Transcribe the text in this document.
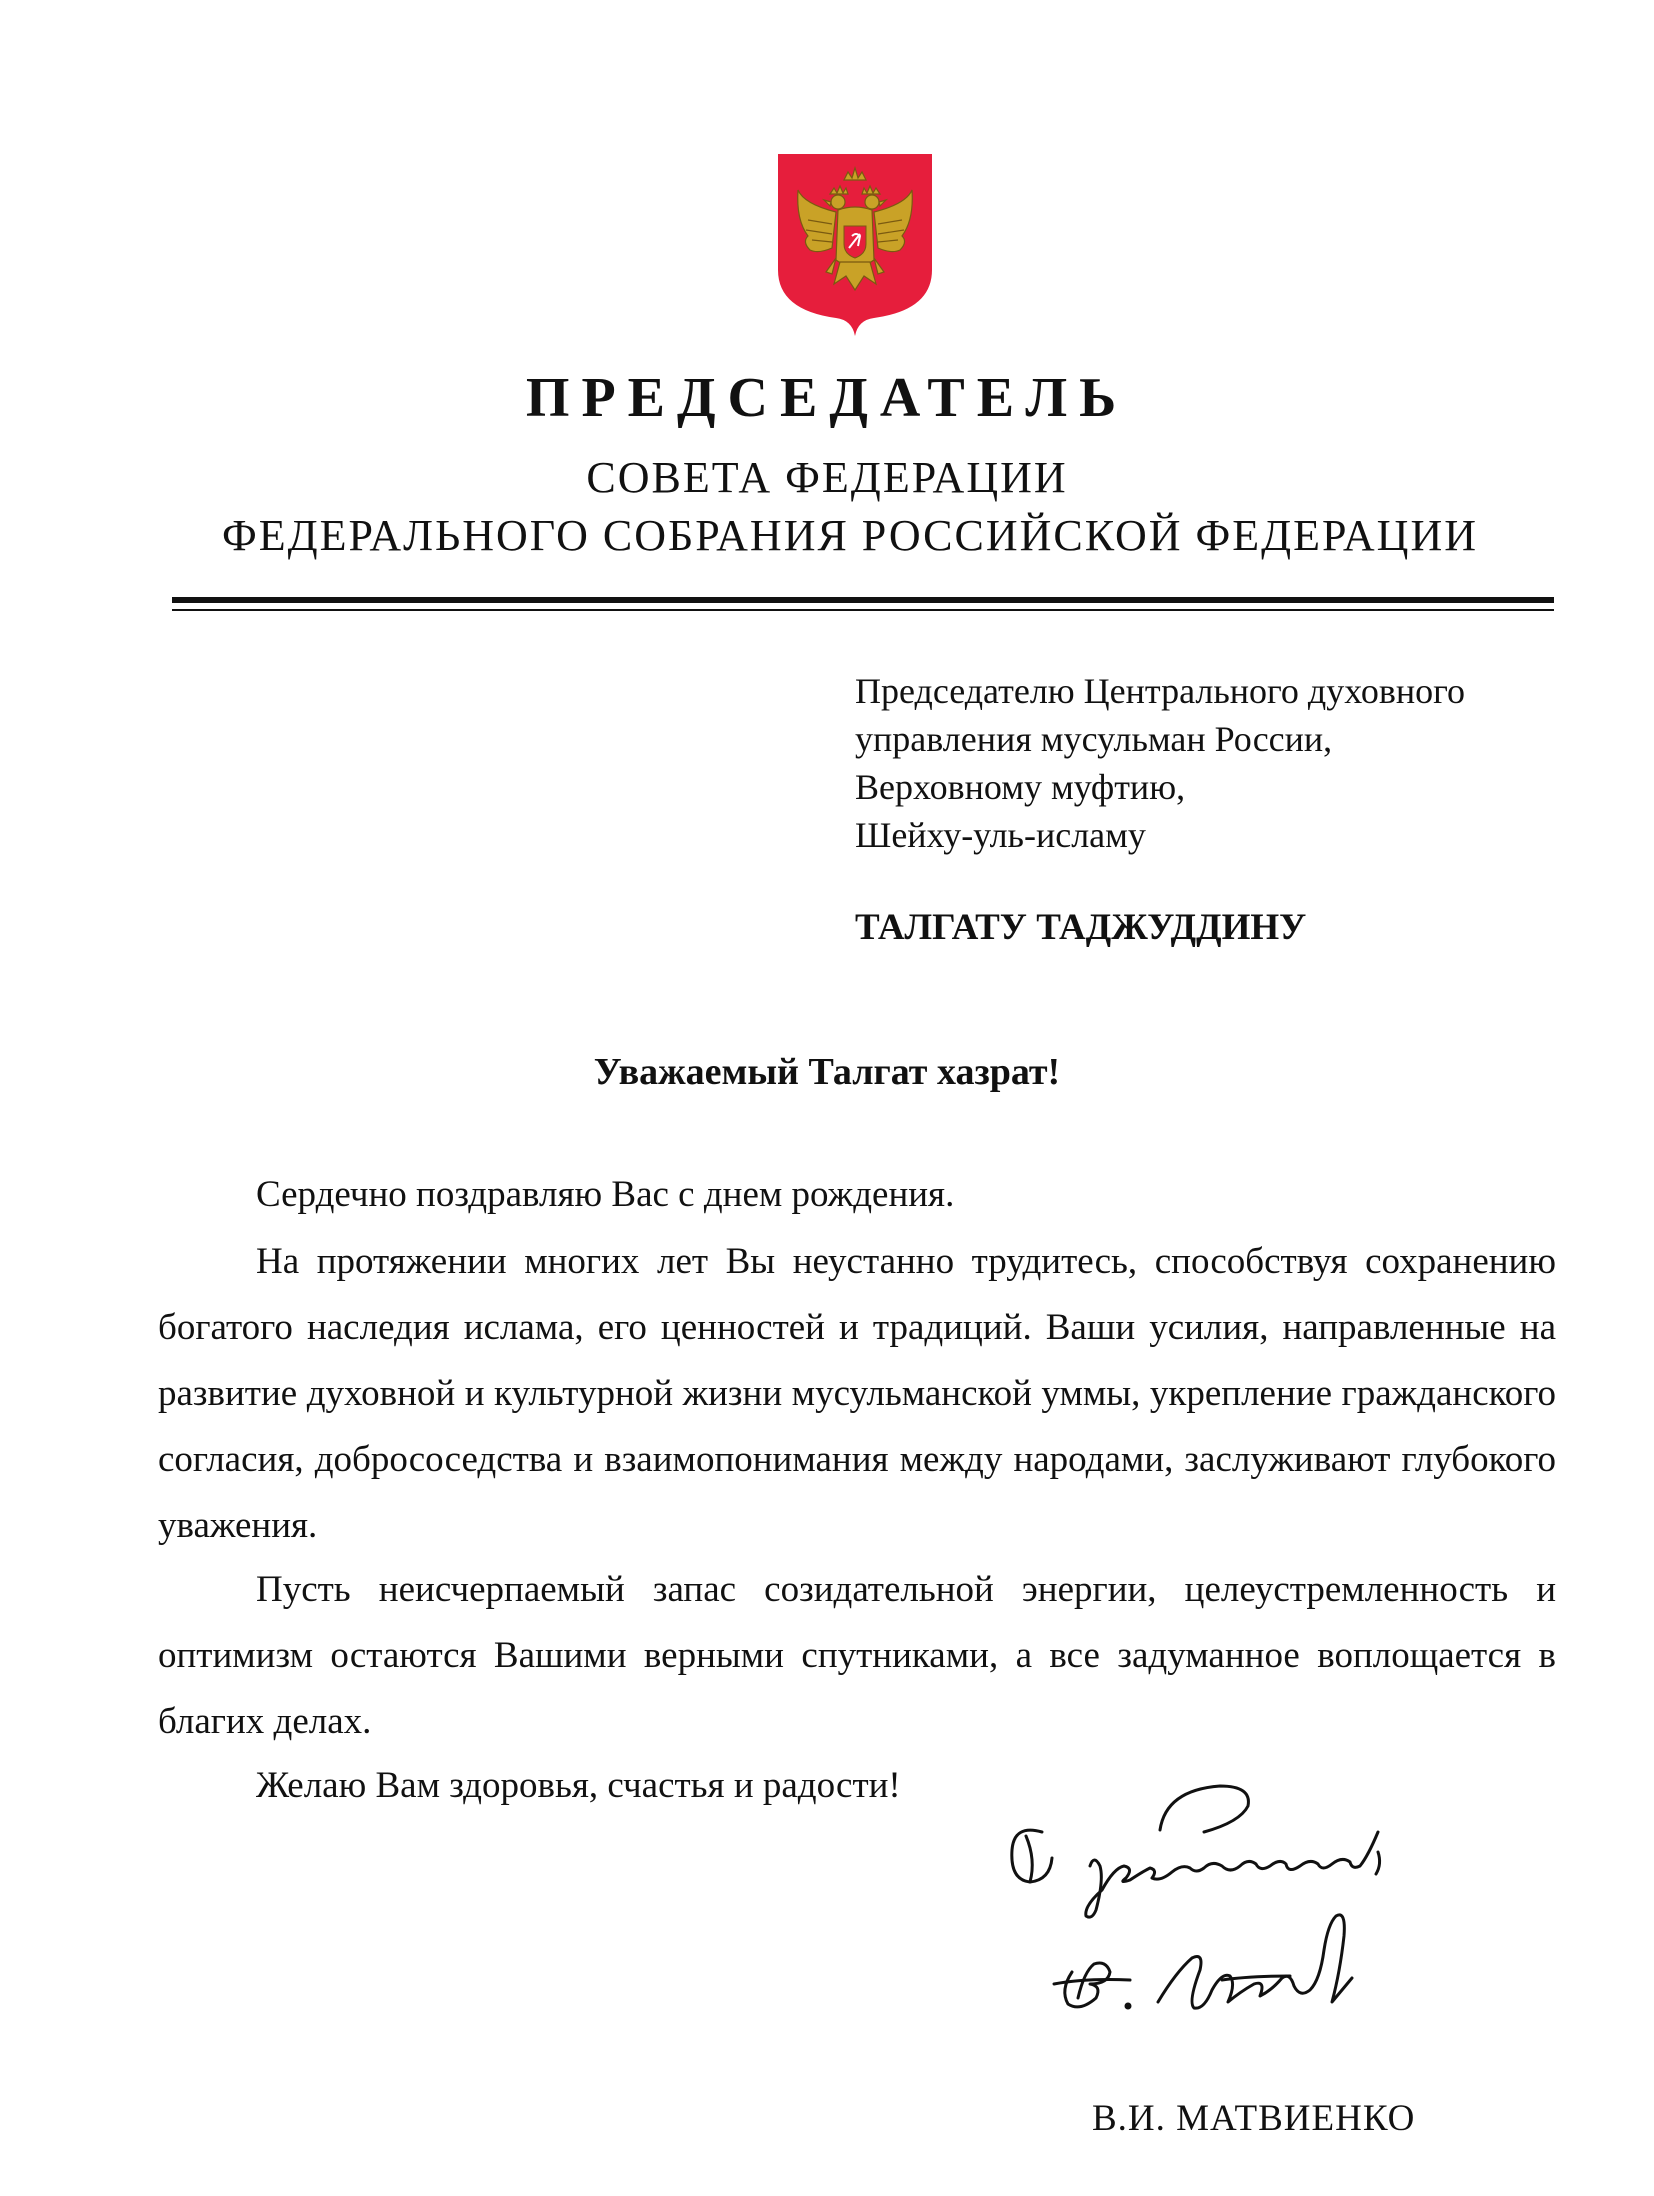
ПРЕДСЕДАТЕЛЬ
СОВЕТА ФЕДЕРАЦИИ
ФЕДЕРАЛЬНОГО СОБРАНИЯ РОССИЙСКОЙ ФЕДЕРАЦИИ
Председателю Центрального духовного
управления мусульман России,
Верховному муфтию,
Шейху-уль-исламу
ТАЛГАТУ ТАДЖУДДИНУ
Уважаемый Талгат хазрат!

Сердечно поздравляю Вас с днем рождения.

На протяжении многих лет Вы неустанно трудитесь, способствуя сохранению богатого наследия ислама, его ценностей и традиций. Ваши усилия, направленные на развитие духовной и культурной жизни мусульманской уммы, укрепление гражданского согласия, добрососедства и взаимопонимания между народами, заслуживают глубокого уважения.

Пусть неисчерпаемый запас созидательной энергии, целеустремленность и оптимизм остаются Вашими верными спутниками, а все задуманное воплощается в благих делах.

Желаю Вам здоровья, счастья и радости!

В.И. МАТВИЕНКО
